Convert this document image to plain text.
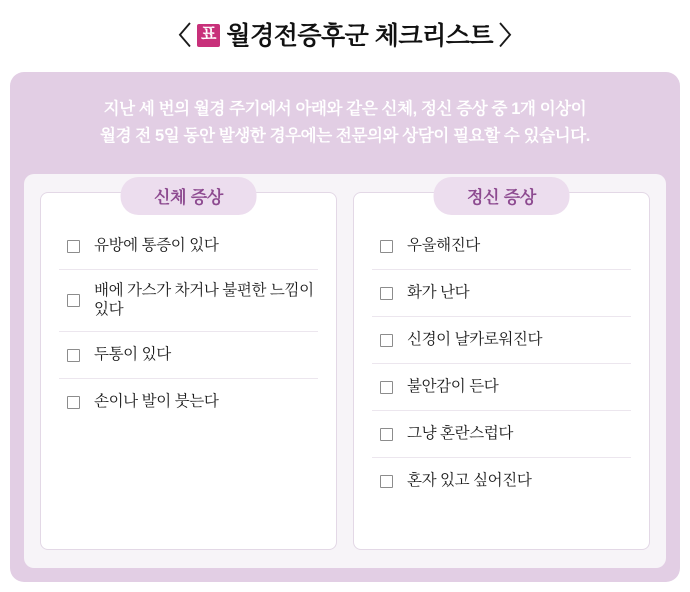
〈 표 월경전증후군 체크리스트 〉
지난 세 번의 월경 주기에서 아래와 같은 신체, 정신 증상 중 1개 이상이
월경 전 5일 동안 발생한 경우에는 전문의와 상담이 필요할 수 있습니다.
신체 증상
유방에 통증이 있다
배에 가스가 차거나 불편한 느낌이 있다
두통이 있다
손이나 발이 붓는다
정신 증상
우울해진다
화가 난다
신경이 날카로워진다
불안감이 든다
그냥 혼란스럽다
혼자 있고 싶어진다
